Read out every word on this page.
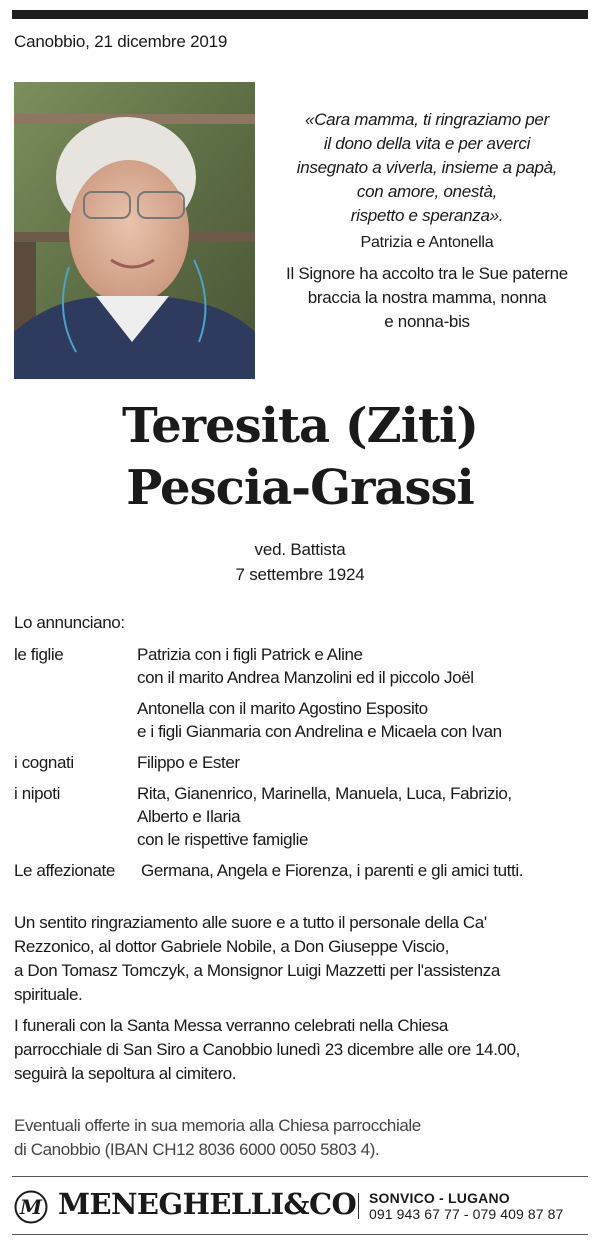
Canobbio, 21 dicembre 2019
«Cara mamma, ti ringraziamo per
il dono della vita e per averci
insegnato a viverla, insieme a papà,
con amore, onestà,
rispetto e speranza».
Patrizia e Antonella
Il Signore ha accolto tra le Sue paterne
braccia la nostra mamma, nonna
e nonna-bis
Teresita (Ziti)
Pescia-Grassi
ved. Battista
7 settembre 1924
Lo annunciano:
le figlie	Patrizia con i figli Patrick e Aline
con il marito Andrea Manzolini ed il piccolo Joël
Antonella con il marito Agostino Esposito
e i figli Gianmaria con Andrelina e Micaela con Ivan
i cognati	Filippo e Ester
i nipoti	Rita, Gianenrico, Marinella, Manuela, Luca, Fabrizio,
Alberto e Ilaria
con le rispettive famiglie
Le affezionate Germana, Angela e Fiorenza, i parenti e gli amici tutti.
Un sentito ringraziamento alle suore e a tutto il personale della Ca'
Rezzonico, al dottor Gabriele Nobile, a Don Giuseppe Viscio,
a Don Tomasz Tomczyk, a Monsignor Luigi Mazzetti per l'assistenza
spirituale.
I funerali con la Santa Messa verranno celebrati nella Chiesa
parrocchiale di San Siro a Canobbio lunedì 23 dicembre alle ore 14.00,
seguirà la sepoltura al cimitero.
Eventuali offerte in sua memoria alla Chiesa parrocchiale
di Canobbio (IBAN CH12 8036 6000 0050 5803 4).
M MENEGHELLI&CO SONVICO - LUGANO
091 943 67 77 - 079 409 87 87
